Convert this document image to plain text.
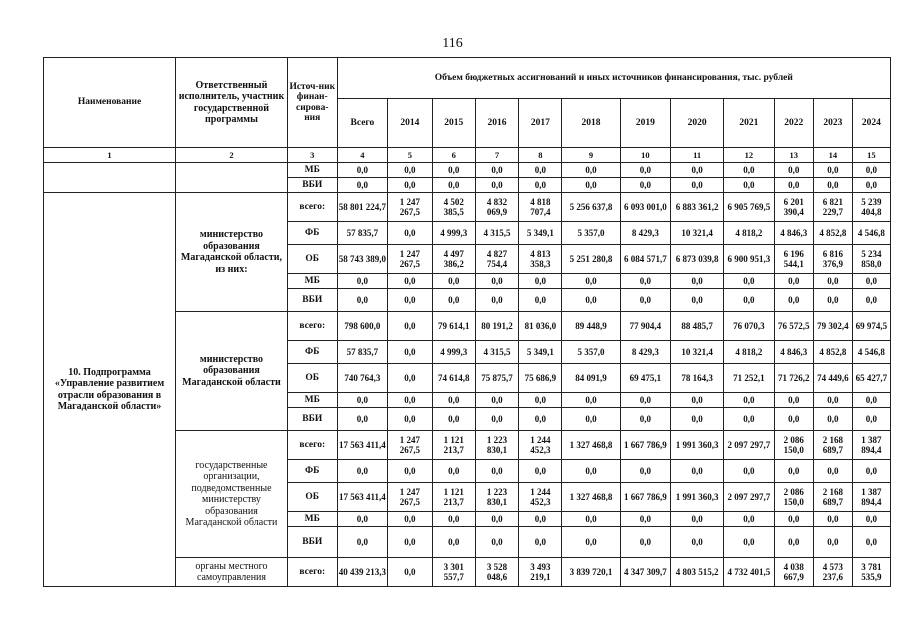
116
Наименование	Ответственный исполнитель, участник государственной программы	Источ-ник финан-сирова-ния	Объем бюджетных ассигнований и иных источников финансирования, тыс. рублей											
			Всего	2014	2015	2016	2017	2018	2019	2020	2021	2022	2023	2024
1	2	3	4	5	6	7	8	9	10	11	12	13	14	15
		МБ	0,0	0,0	0,0	0,0	0,0	0,0	0,0	0,0	0,0	0,0	0,0	0,0
		ВБИ	0,0	0,0	0,0	0,0	0,0	0,0	0,0	0,0	0,0	0,0	0,0	0,0
10. Подпрограмма «Управление развитием отрасли образования в Магаданской области»	министерство образования Магаданской области, из них:	всего:	58 801 224,7	1 247 267,5	4 502 385,5	4 832 069,9	4 818 707,4	5 256 637,8	6 093 001,0	6 883 361,2	6 905 769,5	6 201 390,4	6 821 229,7	5 239 404,8
		ФБ	57 835,7	0,0	4 999,3	4 315,5	5 349,1	5 357,0	8 429,3	10 321,4	4 818,2	4 846,3	4 852,8	4 546,8
		ОБ	58 743 389,0	1 247 267,5	4 497 386,2	4 827 754,4	4 813 358,3	5 251 280,8	6 084 571,7	6 873 039,8	6 900 951,3	6 196 544,1	6 816 376,9	5 234 858,0
		МБ	0,0	0,0	0,0	0,0	0,0	0,0	0,0	0,0	0,0	0,0	0,0	0,0
		ВБИ	0,0	0,0	0,0	0,0	0,0	0,0	0,0	0,0	0,0	0,0	0,0	0,0
	министерство образования Магаданской области	всего:	798 600,0	0,0	79 614,1	80 191,2	81 036,0	89 448,9	77 904,4	88 485,7	76 070,3	76 572,5	79 302,4	69 974,5
		ФБ	57 835,7	0,0	4 999,3	4 315,5	5 349,1	5 357,0	8 429,3	10 321,4	4 818,2	4 846,3	4 852,8	4 546,8
		ОБ	740 764,3	0,0	74 614,8	75 875,7	75 686,9	84 091,9	69 475,1	78 164,3	71 252,1	71 726,2	74 449,6	65 427,7
		МБ	0,0	0,0	0,0	0,0	0,0	0,0	0,0	0,0	0,0	0,0	0,0	0,0
		ВБИ	0,0	0,0	0,0	0,0	0,0	0,0	0,0	0,0	0,0	0,0	0,0	0,0
	государственные организации, подведомственные министерству образования Магаданской области	всего:	17 563 411,4	1 247 267,5	1 121 213,7	1 223 830,1	1 244 452,3	1 327 468,8	1 667 786,9	1 991 360,3	2 097 297,7	2 086 150,0	2 168 689,7	1 387 894,4
		ФБ	0,0	0,0	0,0	0,0	0,0	0,0	0,0	0,0	0,0	0,0	0,0	0,0
		ОБ	17 563 411,4	1 247 267,5	1 121 213,7	1 223 830,1	1 244 452,3	1 327 468,8	1 667 786,9	1 991 360,3	2 097 297,7	2 086 150,0	2 168 689,7	1 387 894,4
		МБ	0,0	0,0	0,0	0,0	0,0	0,0	0,0	0,0	0,0	0,0	0,0	0,0
		ВБИ	0,0	0,0	0,0	0,0	0,0	0,0	0,0	0,0	0,0	0,0	0,0	0,0
	органы местного самоуправления	всего:	40 439 213,3	0,0	3 301 557,7	3 528 048,6	3 493 219,1	3 839 720,1	4 347 309,7	4 803 515,2	4 732 401,5	4 038 667,9	4 573 237,6	3 781 535,9
